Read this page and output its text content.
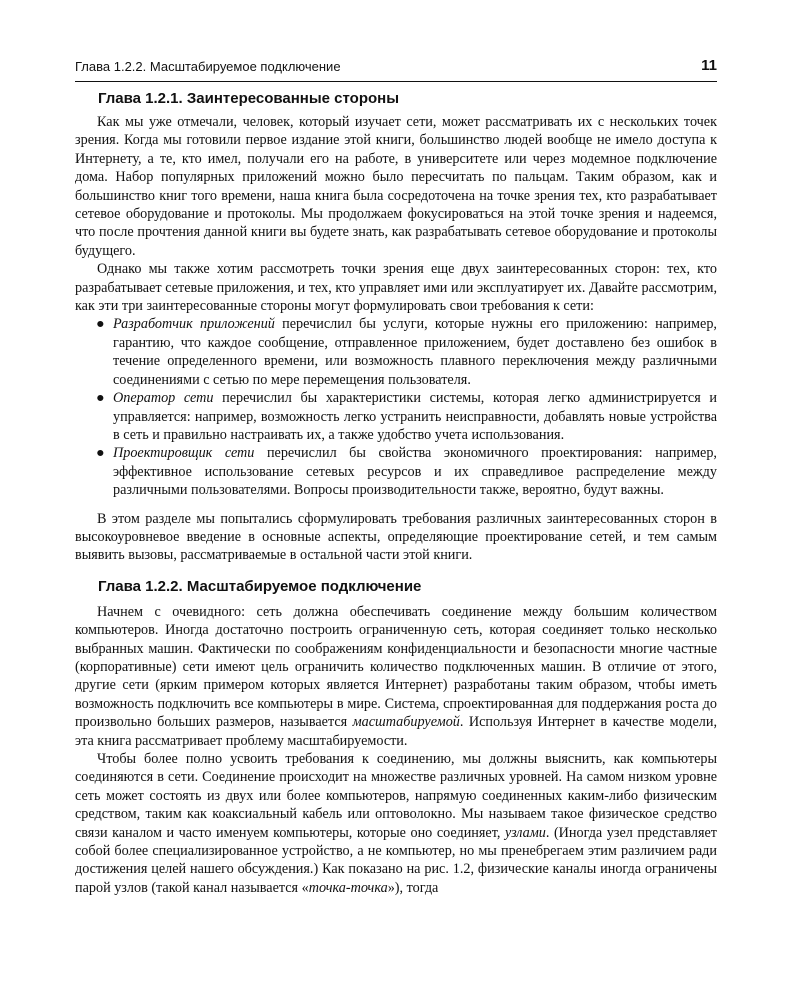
Глава 1.2.2. Масштабируемое подключение	11
Глава 1.2.1. Заинтересованные стороны

Как мы уже отмечали, человек, который изучает сети, может рассматривать их с нескольких точек зрения. Когда мы готовили первое издание этой книги, большинство людей вообще не имело доступа к Интернету, а те, кто имел, получали его на работе, в университете или через модемное подключение дома. Набор популярных приложений можно было пересчитать по пальцам. Таким образом, как и большинство книг того времени, наша книга была сосредоточена на точке зрения тех, кто разрабатывает сетевое оборудование и протоколы. Мы продолжаем фокусироваться на этой точке зрения и надеемся, что после прочтения данной книги вы будете знать, как разрабатывать сетевое оборудование и протоколы будущего.

Однако мы также хотим рассмотреть точки зрения еще двух заинтересованных сторон: тех, кто разрабатывает сетевые приложения, и тех, кто управляет ими или эксплуатирует их. Давайте рассмотрим, как эти три заинтересованные стороны могут формулировать свои требования к сети:

● Разработчик приложений перечислил бы услуги, которые нужны его приложению: например, гарантию, что каждое сообщение, отправленное приложением, будет доставлено без ошибок в течение определенного времени, или возможность плавного переключения между различными соединениями с сетью по мере перемещения пользователя.
● Оператор сети перечислил бы характеристики системы, которая легко администрируется и управляется: например, возможность легко устранить неисправности, добавлять новые устройства в сеть и правильно настраивать их, а также удобство учета использования.
● Проектировщик сети перечислил бы свойства экономичного проектирования: например, эффективное использование сетевых ресурсов и их справедливое распределение между различными пользователями. Вопросы производительности также, вероятно, будут важны.

В этом разделе мы попытались сформулировать требования различных заинтересованных сторон в высокоуровневое введение в основные аспекты, определяющие проектирование сетей, и тем самым выявить вызовы, рассматриваемые в остальной части этой книги.

Глава 1.2.2. Масштабируемое подключение

Начнем с очевидного: сеть должна обеспечивать соединение между большим количеством компьютеров. Иногда достаточно построить ограниченную сеть, которая соединяет только несколько выбранных машин. Фактически по соображениям конфиденциальности и безопасности многие частные (корпоративные) сети имеют цель ограничить количество подключенных машин. В отличие от этого, другие сети (ярким примером которых является Интернет) разработаны таким образом, чтобы иметь возможность подключить все компьютеры в мире. Система, спроектированная для поддержания роста до произвольно больших размеров, называется масштабируемой. Используя Интернет в качестве модели, эта книга рассматривает проблему масштабируемости.

Чтобы более полно усвоить требования к соединению, мы должны выяснить, как компьютеры соединяются в сети. Соединение происходит на множестве различных уровней. На самом низком уровне сеть может состоять из двух или более компьютеров, напрямую соединенных каким-либо физическим средством, таким как коаксиальный кабель или оптоволокно. Мы называем такое физическое средство связи каналом и часто именуем компьютеры, которые оно соединяет, узлами. (Иногда узел представляет собой более специализированное устройство, а не компьютер, но мы пренебрегаем этим различием ради достижения целей нашего обсуждения.) Как показано на рис. 1.2, физические каналы иногда ограничены парой узлов (такой канал называется «точка-точка»), тогда
